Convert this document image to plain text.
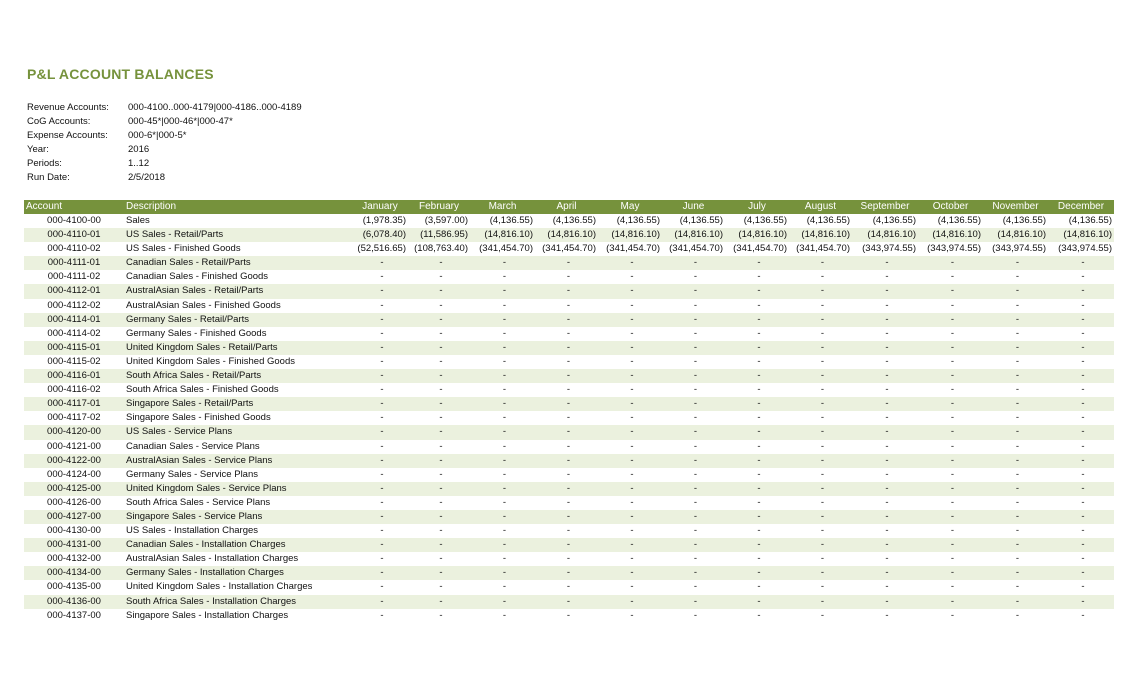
P&L ACCOUNT BALANCES
Revenue Accounts:	000-4100..000-4179|000-4186..000-4189
CoG Accounts:	000-45*|000-46*|000-47*
Expense Accounts:	000-6*|000-5*
Year:	2016
Periods:	1..12
Run Date:	2/5/2018
Account	Description	January	February	March	April	May	June	July	August	September	October	November	December
000-4100-00	Sales	(1,978.35)	(3,597.00)	(4,136.55)	(4,136.55)	(4,136.55)	(4,136.55)	(4,136.55)	(4,136.55)	(4,136.55)	(4,136.55)	(4,136.55)	(4,136.55)
000-4110-01	US Sales - Retail/Parts	(6,078.40)	(11,586.95)	(14,816.10)	(14,816.10)	(14,816.10)	(14,816.10)	(14,816.10)	(14,816.10)	(14,816.10)	(14,816.10)	(14,816.10)	(14,816.10)
000-4110-02	US Sales - Finished Goods	(52,516.65)	(108,763.40)	(341,454.70)	(341,454.70)	(341,454.70)	(341,454.70)	(341,454.70)	(341,454.70)	(343,974.55)	(343,974.55)	(343,974.55)	(343,974.55)
000-4111-01	Canadian Sales - Retail/Parts	-	-	-	-	-	-	-	-	-	-	-	-
000-4111-02	Canadian Sales - Finished Goods	-	-	-	-	-	-	-	-	-	-	-	-
000-4112-01	AustralAsian Sales - Retail/Parts	-	-	-	-	-	-	-	-	-	-	-	-
000-4112-02	AustralAsian Sales - Finished Goods	-	-	-	-	-	-	-	-	-	-	-	-
000-4114-01	Germany Sales - Retail/Parts	-	-	-	-	-	-	-	-	-	-	-	-
000-4114-02	Germany Sales - Finished Goods	-	-	-	-	-	-	-	-	-	-	-	-
000-4115-01	United Kingdom Sales - Retail/Parts	-	-	-	-	-	-	-	-	-	-	-	-
000-4115-02	United Kingdom Sales - Finished Goods	-	-	-	-	-	-	-	-	-	-	-	-
000-4116-01	South Africa Sales - Retail/Parts	-	-	-	-	-	-	-	-	-	-	-	-
000-4116-02	South Africa Sales - Finished Goods	-	-	-	-	-	-	-	-	-	-	-	-
000-4117-01	Singapore Sales - Retail/Parts	-	-	-	-	-	-	-	-	-	-	-	-
000-4117-02	Singapore Sales - Finished Goods	-	-	-	-	-	-	-	-	-	-	-	-
000-4120-00	US Sales - Service Plans	-	-	-	-	-	-	-	-	-	-	-	-
000-4121-00	Canadian Sales - Service Plans	-	-	-	-	-	-	-	-	-	-	-	-
000-4122-00	AustralAsian Sales - Service Plans	-	-	-	-	-	-	-	-	-	-	-	-
000-4124-00	Germany Sales - Service Plans	-	-	-	-	-	-	-	-	-	-	-	-
000-4125-00	United Kingdom Sales - Service Plans	-	-	-	-	-	-	-	-	-	-	-	-
000-4126-00	South Africa Sales - Service Plans	-	-	-	-	-	-	-	-	-	-	-	-
000-4127-00	Singapore Sales - Service Plans	-	-	-	-	-	-	-	-	-	-	-	-
000-4130-00	US Sales - Installation Charges	-	-	-	-	-	-	-	-	-	-	-	-
000-4131-00	Canadian Sales - Installation Charges	-	-	-	-	-	-	-	-	-	-	-	-
000-4132-00	AustralAsian Sales - Installation Charges	-	-	-	-	-	-	-	-	-	-	-	-
000-4134-00	Germany Sales - Installation Charges	-	-	-	-	-	-	-	-	-	-	-	-
000-4135-00	United Kingdom Sales - Installation Charges	-	-	-	-	-	-	-	-	-	-	-	-
000-4136-00	South Africa Sales - Installation Charges	-	-	-	-	-	-	-	-	-	-	-	-
000-4137-00	Singapore Sales - Installation Charges	-	-	-	-	-	-	-	-	-	-	-	-
